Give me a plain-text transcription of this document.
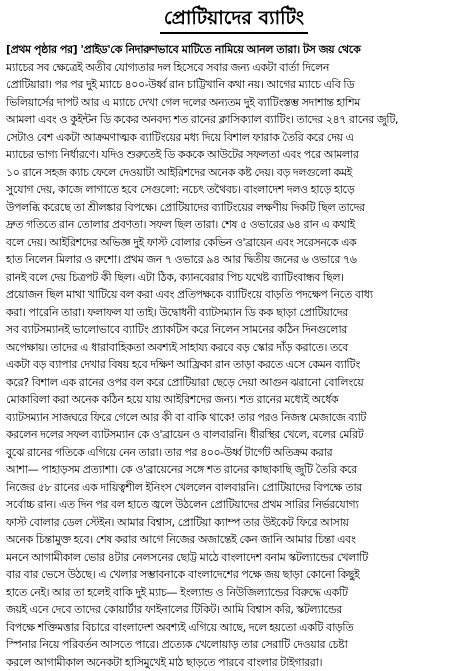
প্রোটিয়াদের ব্যাটিং
[প্রথম পৃষ্ঠার পর] 'প্রাইড'কে নিদারুণভাবে মাটিতে নামিয়ে আনল তারা। টস জয় থেকে
ম্যাচের সব ক্ষেত্রেই অতীব যোগ্যতার দল হিসেবে সবার জন্য একটা বার্তা দিলেন
প্রোটিয়ারা। পর পর দুই ম্যাচে ৪০০-উর্ধ্ব রান চাট্টিখানি কথা নয়। আগের ম্যাচে এবি ডি
ভিলিয়ার্সের দাপট আর এ ম্যাচে দেখা গেল দলের অন্যতম দুই ব্যাটিংস্তম্ভ সদাশান্ত হাশিম
আমলা এবং ও কুইন্টন ডি ককের অনবদ্য শত রানের ক্লাসিক্যাল ব্যাটিং। তাদের ২৪৭ রানের জুটি,
সেটাও বেশ একটা আক্রমণাত্মক ব্যাটিংয়ের মধ্য দিয়ে বিশাল ফারাক তৈরি করে দেয় এ
ম্যাচের ভাগ্য নির্ধারণে। যদিও শুরুতেই ডি কককে আউটের সফলতা এবং পরে আমলার
১০ রানে সহজ ক্যাচ ফেলে দেওয়াটা আইরিশদের অনেক কষ্ট দেয়। বড় দলগুলো কমই
সুযোগ দেয়, কাজে লাগাতে হবে সেগুলো: নচেৎ তথৈবচ। বাংলাদেশ দলও হাড়ে হাড়ে
উপলব্ধি করেছে তা শ্রীলঙ্কার বিপক্ষে। প্রোটিয়াদের ব্যাটিংয়ের লক্ষণীয় দিকটি ছিল তাদের
দ্রুত গতিতে রান তোলার প্রবণতা। সফল ছিল তারা। শেষ ৫ ওভারের ৬৪ রান এ কথাই
বলে দেয়। আইরিশদের অভিজ্ঞ দুই ফাস্ট বোলার কেভিন ও'ব্রায়েন এবং সরেসনকে এক
হাত নিলেন মিলার ও রুশো। প্রথম জন ৭ ওভারে ৯৪ আর দ্বিতীয় জনের ৬ ওভারে ৭৬
রানই বলে দেয় চিত্রপট কী ছিল। এটা ঠিক, ক্যানবেরার পিচ যথেষ্ট ব্যাটিংবান্ধব ছিল।
প্রয়োজন ছিল মাথা খাটিয়ে বল করা এবং প্রতিপক্ষকে ব্যাটিংয়ে বাড়তি পদক্ষেপ নিতে বাধ্য
করা। পারেনি তারা। ফলাফল যা তাই। উদ্বোধনী ব্যাটসম্যান ডি কক ছাড়া প্রোটিয়াদের
সব ব্যাটসম্যানই ভালোভাবে ব্যাটিং প্র্যাকটিস করে নিলেন সামনের কঠিন দিনগুলোর
অপেক্ষায়। তাদের এ ধারাবাহিকতা অবশ্যই সাহায্য করবে বড় স্কোর দাঁড় করাতে। তবে
একটা বড় ব্যাপার দেখার বিষয় হবে দক্ষিণ আফ্রিকা রান তাড়া করতে এসে কেমন ব্যাটিং
করে? বিশাল এক রানের ওপর বল করে প্রোটিয়ারা ছেড়ে দেয়া আগুন ঝরানো বোলিংয়ে
মোকাবিলা করা অনেক কঠিন হয়ে যায় আইরিশদের জন্য। শত রানের মধ্যেই অর্ধেক
ব্যাটসম্যান সাজঘরে ফিরে গেলে আর কী বা বাকি থাকে! তার পরও নিজস্ব মেজাজে ব্যাট
করলেন দলের সফল ব্যাটসম্যান কে ও'ব্রায়েন ও বালবারনি। ধীরস্থির খেলে, বলের মেরিট
বুঝে রানের গতিকে এগিয়ে নেন তারা। তার পর ৪০০-উর্ধ্ব টার্গেট অতিক্রম করার
আশা— পাহাড়সম প্রত্যাশা। কে ও'ব্রায়েনের সঙ্গে শত রানের কাছাকাছি জুটি তৈরি করে
নিজের ৫৮ রানের এক দায়িত্বশীল ইনিংস খেললেন বালবারনি। প্রোটিয়াদের বিপক্ষে তার
সর্বোচ্চ রান। এত দিন পর বল হাতে জ্বলে উঠলেন প্রোটিয়াদের প্রথম সারির নির্ভরযোগ্য
ফাস্ট বোলার ডেল স্টেইন। আমার বিশ্বাস, প্রোটিয়া ক্যাম্প তার উইকেট ফিরে আসায়
অনেক চিন্তামুক্ত হবে। শেষ করার আগে নিজের অজান্তেই কেন জানি আমার চিন্তা এবং
মননে আগামীকাল ভোর ৪টার নেলসনের ছোট্ট মাঠে বাংলাদেশ বনাম স্কটল্যান্ডের খেলাটি
বার বার ভেসে উঠছে। এ খেলার সম্ভাবনাকে বাংলাদেশের পক্ষে জয় ছাড়া কোনো কিছুই
হাতে নেই। আর তা হলেই বাকি দুই ম্যাচ— ইংল্যান্ড ও নিউজিল্যান্ডের বিরুদ্ধে একটি
জয়ই এনে দেবে তাদের কোয়ার্টার ফাইনালের টিকিট। আমি বিশ্বাস করি, স্কটল্যান্ডের
বিপক্ষে শক্তিমত্তার বিচারে বাংলাদেশ অবশ্যই এগিয়ে আছে, দলে হয়তো একটি বাড়তি
স্পিনার নিয়ে পরিবর্তন আসতে পারে। প্রত্যেক খেলোয়াড় তার সেরাটি দেওয়ার চেষ্টা
করলে আগামীকাল অনেকটা হাসিমুখেই মাঠ ছাড়তে পারবে বাংলার টাইগাররা।
